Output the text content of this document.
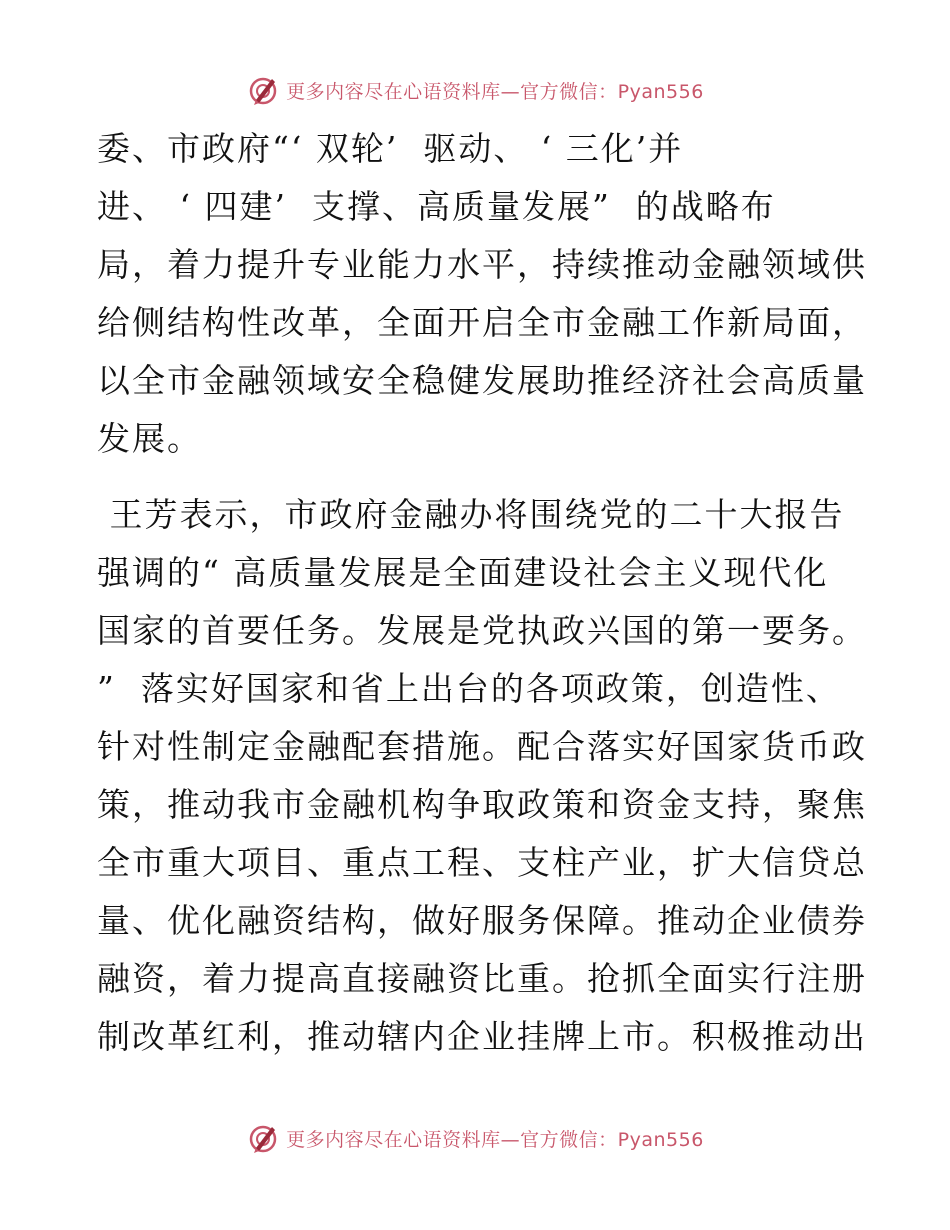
更多内容尽在心语资料库—官方微信：Pyan556
委、市政府“‘ 双轮’  驱动、 ‘ 三化’并
进、 ‘ 四建’  支撑、高质量发展”  的战略布
局，着力提升专业能力水平，持续推动金融领域供
给侧结构性改革，全面开启全市金融工作新局面，
以全市金融领域安全稳健发展助推经济社会高质量
发展。
王芳表示，市政府金融办将围绕党的二十大报告
强调的“ 高质量发展是全面建设社会主义现代化
国家的首要任务。发展是党执政兴国的第一要务。
”  落实好国家和省上出台的各项政策，创造性、
针对性制定金融配套措施。配合落实好国家货币政
策，推动我市金融机构争取政策和资金支持，聚焦
全市重大项目、重点工程、支柱产业，扩大信贷总
量、优化融资结构，做好服务保障。推动企业债券
融资，着力提高直接融资比重。抢抓全面实行注册
制改革红利，推动辖内企业挂牌上市。积极推动出
更多内容尽在心语资料库—官方微信：Pyan556
